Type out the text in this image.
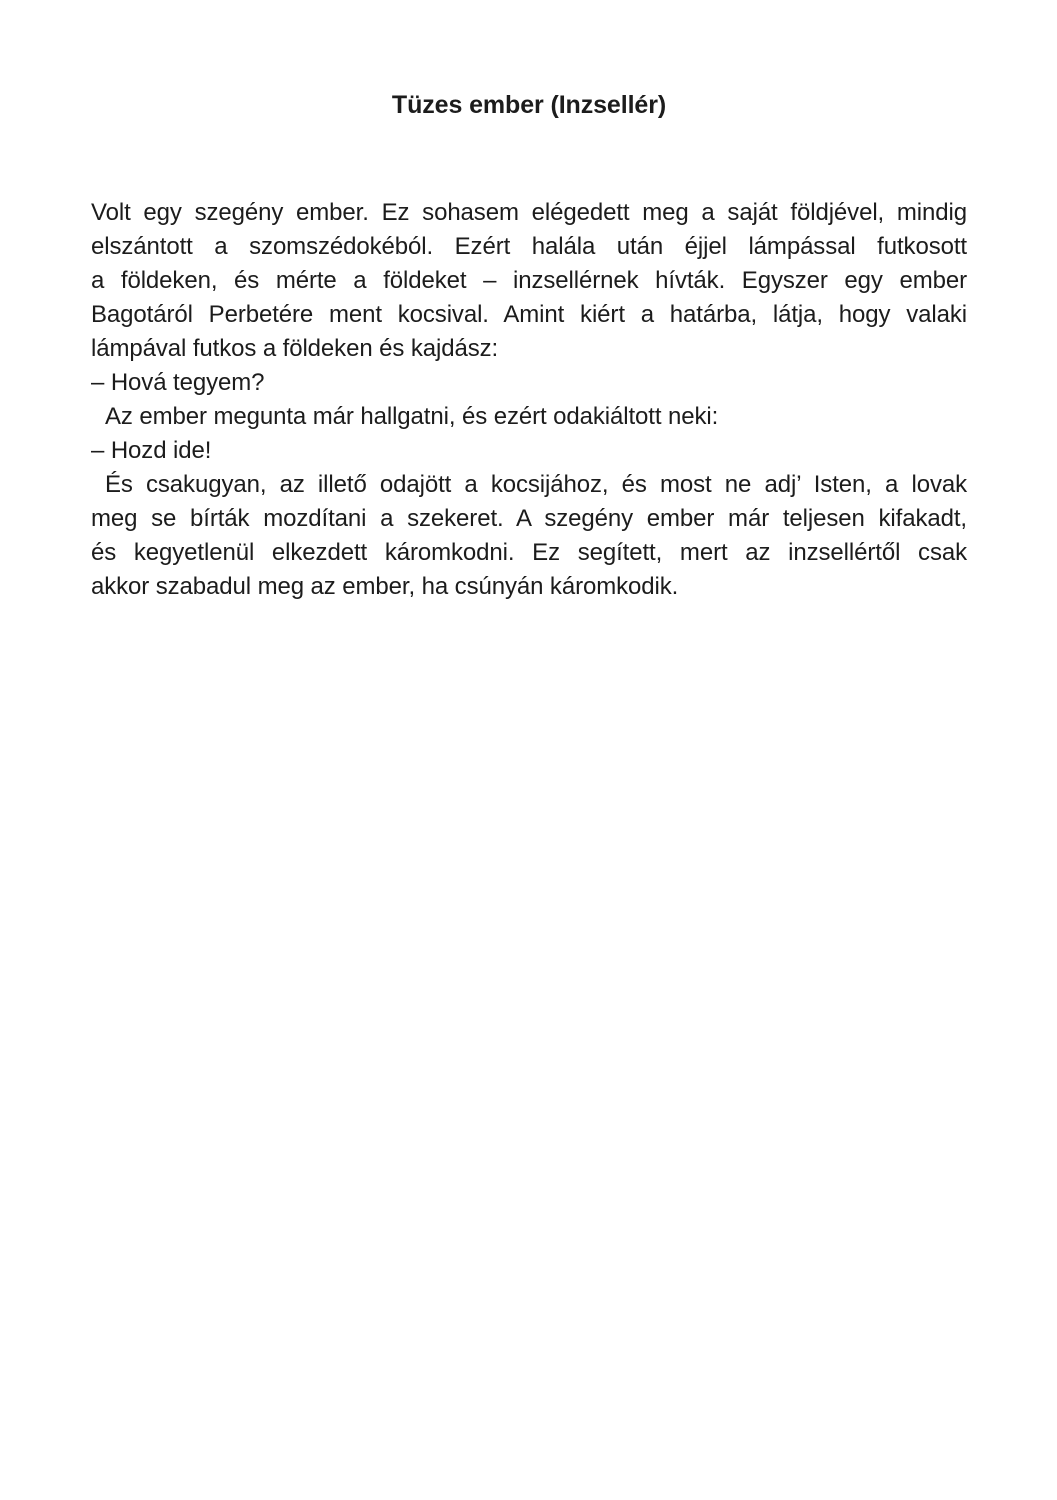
Tüzes ember (Inzsellér)
Volt egy szegény ember. Ez sohasem elégedett meg a saját földjével, mindig
elszántott a szomszédokéból. Ezért halála után éjjel lámpással futkosott
a földeken, és mérte a földeket – inzsellérnek hívták. Egyszer egy ember
Bagotáról Perbetére ment kocsival. Amint kiért a határba, látja, hogy valaki
lámpával futkos a földeken és kajdász:
– Hová tegyem?
Az ember megunta már hallgatni, és ezért odakiáltott neki:
– Hozd ide!
És csakugyan, az illető odajött a kocsijához, és most ne adj’ Isten, a lovak
meg se bírták mozdítani a szekeret. A szegény ember már teljesen kifakadt,
és kegyetlenül elkezdett káromkodni. Ez segített, mert az inzsellértől csak
akkor szabadul meg az ember, ha csúnyán káromkodik.
